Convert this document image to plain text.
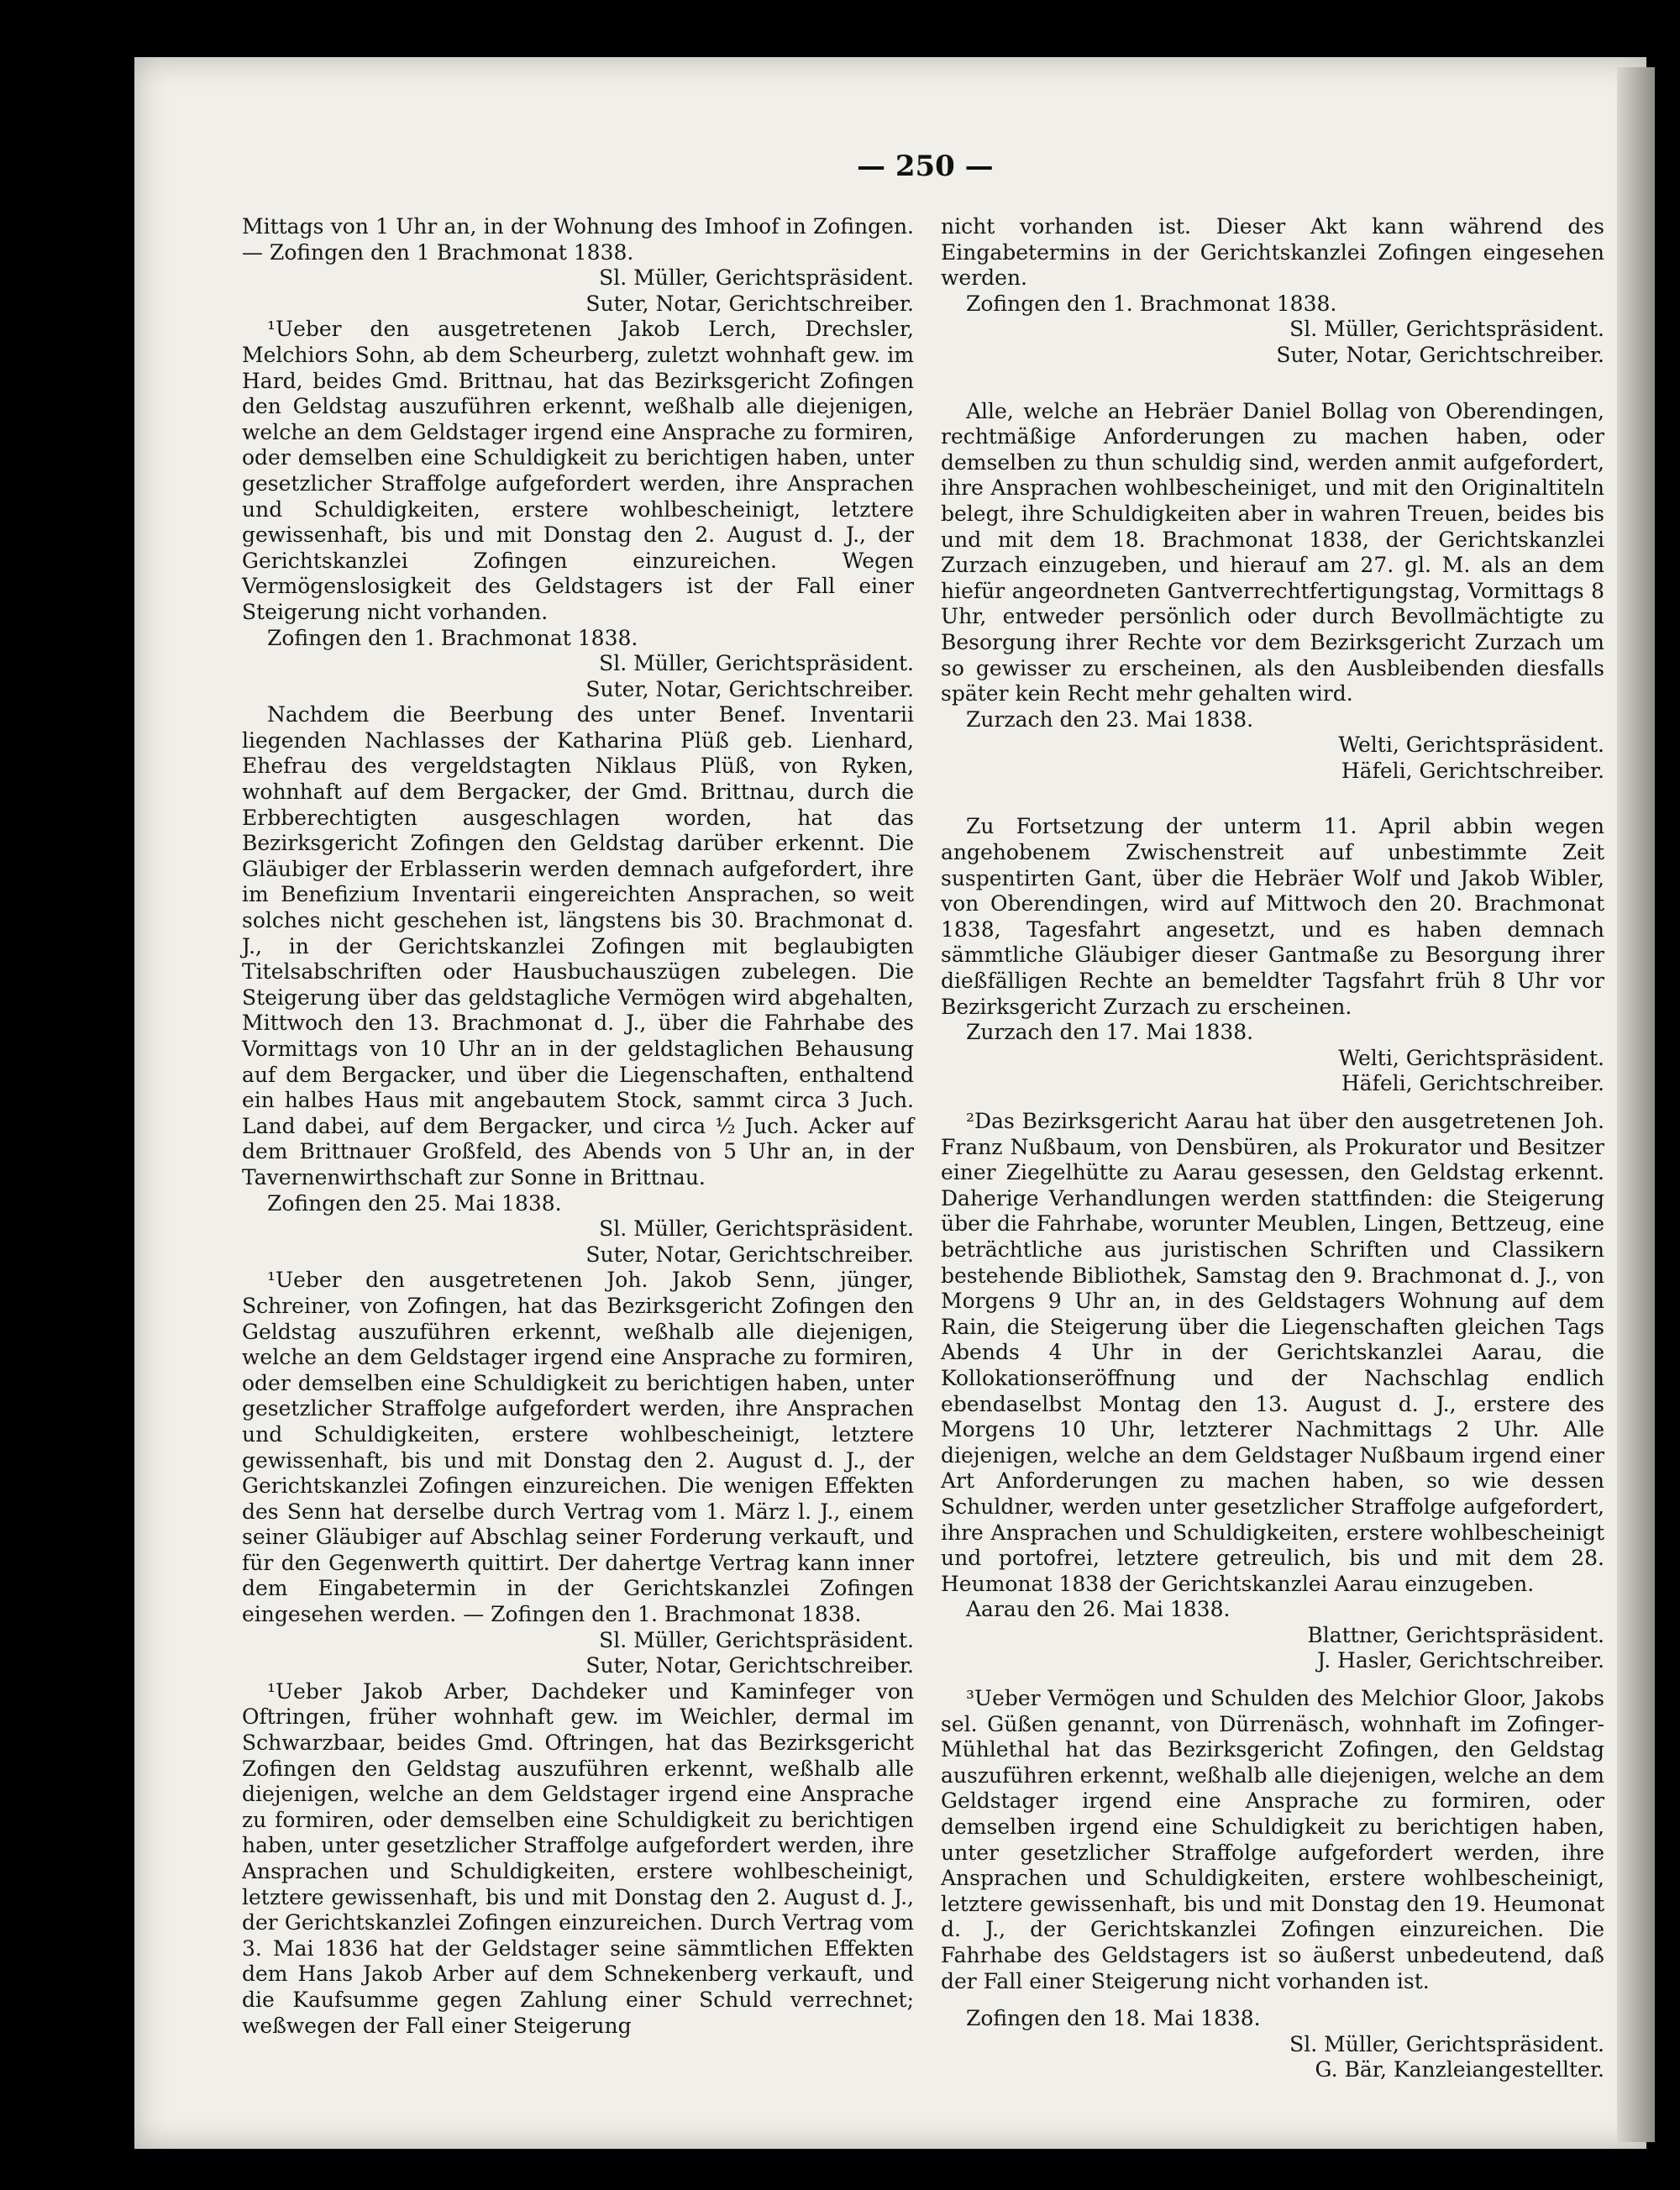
— 250 —

Mittags von 1 Uhr an, in der Wohnung des Imhoof in Zofingen. — Zofingen den 1 Brachmonat 1838.

Sl. Müller, Gerichtspräsident.

Suter, Notar, Gerichtschreiber.

¹Ueber den ausgetretenen Jakob Lerch, Drechsler, Melchiors Sohn, ab dem Scheurberg, zuletzt wohnhaft gew. im Hard, beides Gmd. Brittnau, hat das Bezirksgericht Zofingen den Geldstag auszuführen erkennt, weßhalb alle diejenigen, welche an dem Geldstager irgend eine Ansprache zu formiren, oder demselben eine Schuldigkeit zu berichtigen haben, unter gesetzlicher Straffolge aufgefordert werden, ihre Ansprachen und Schuldigkeiten, erstere wohlbescheinigt, letztere gewissenhaft, bis und mit Donstag den 2. August d. J., der Gerichtskanzlei Zofingen einzureichen. Wegen Vermögenslosigkeit des Geldstagers ist der Fall einer Steigerung nicht vorhanden.

Zofingen den 1. Brachmonat 1838.

Sl. Müller, Gerichtspräsident.

Suter, Notar, Gerichtschreiber.

Nachdem die Beerbung des unter Benef. Inventarii liegenden Nachlasses der Katharina Plüß geb. Lienhard, Ehefrau des vergeldstagten Niklaus Plüß, von Ryken, wohnhaft auf dem Bergacker, der Gmd. Brittnau, durch die Erbberechtigten ausgeschlagen worden, hat das Bezirksgericht Zofingen den Geldstag darüber erkennt. Die Gläubiger der Erblasserin werden demnach aufgefordert, ihre im Benefizium Inventarii eingereichten Ansprachen, so weit solches nicht geschehen ist, längstens bis 30. Brachmonat d. J., in der Gerichtskanzlei Zofingen mit beglaubigten Titelsabschriften oder Hausbuchauszügen zubelegen. Die Steigerung über das geldstagliche Vermögen wird abgehalten, Mittwoch den 13. Brachmonat d. J., über die Fahrhabe des Vormittags von 10 Uhr an in der geldstaglichen Behausung auf dem Bergacker, und über die Liegenschaften, enthaltend ein halbes Haus mit angebautem Stock, sammt circa 3 Juch. Land dabei, auf dem Bergacker, und circa ½ Juch. Acker auf dem Brittnauer Großfeld, des Abends von 5 Uhr an, in der Tavernenwirthschaft zur Sonne in Brittnau.

Zofingen den 25. Mai 1838.

Sl. Müller, Gerichtspräsident.

Suter, Notar, Gerichtschreiber.

¹Ueber den ausgetretenen Joh. Jakob Senn, jünger, Schreiner, von Zofingen, hat das Bezirksgericht Zofingen den Geldstag auszuführen erkennt, weßhalb alle diejenigen, welche an dem Geldstager irgend eine Ansprache zu formiren, oder demselben eine Schuldigkeit zu berichtigen haben, unter gesetzlicher Straffolge aufgefordert werden, ihre Ansprachen und Schuldigkeiten, erstere wohlbescheinigt, letztere gewissenhaft, bis und mit Donstag den 2. August d. J., der Gerichtskanzlei Zofingen einzureichen. Die wenigen Effekten des Senn hat derselbe durch Vertrag vom 1. März l. J., einem seiner Gläubiger auf Abschlag seiner Forderung verkauft, und für den Gegenwerth quittirt. Der dahertge Vertrag kann inner dem Eingabetermin in der Gerichtskanzlei Zofingen eingesehen werden. — Zofingen den 1. Brachmonat 1838.

Sl. Müller, Gerichtspräsident.

Suter, Notar, Gerichtschreiber.

¹Ueber Jakob Arber, Dachdeker und Kaminfeger von Oftringen, früher wohnhaft gew. im Weichler, dermal im Schwarzbaar, beides Gmd. Oftringen, hat das Bezirksgericht Zofingen den Geldstag auszuführen erkennt, weßhalb alle diejenigen, welche an dem Geldstager irgend eine Ansprache zu formiren, oder demselben eine Schuldigkeit zu berichtigen haben, unter gesetzlicher Straffolge aufgefordert werden, ihre Ansprachen und Schuldigkeiten, erstere wohlbescheinigt, letztere gewissenhaft, bis und mit Donstag den 2. August d. J., der Gerichtskanzlei Zofingen einzureichen. Durch Vertrag vom 3. Mai 1836 hat der Geldstager seine sämmtlichen Effekten dem Hans Jakob Arber auf dem Schnekenberg verkauft, und die Kaufsumme gegen Zahlung einer Schuld verrechnet; weßwegen der Fall einer Steigerung

nicht vorhanden ist. Dieser Akt kann während des Eingabetermins in der Gerichtskanzlei Zofingen eingesehen werden.

Zofingen den 1. Brachmonat 1838.

Sl. Müller, Gerichtspräsident.

Suter, Notar, Gerichtschreiber.

Alle, welche an Hebräer Daniel Bollag von Oberendingen, rechtmäßige Anforderungen zu machen haben, oder demselben zu thun schuldig sind, werden anmit aufgefordert, ihre Ansprachen wohlbescheiniget, und mit den Originaltiteln belegt, ihre Schuldigkeiten aber in wahren Treuen, beides bis und mit dem 18. Brachmonat 1838, der Gerichtskanzlei Zurzach einzugeben, und hierauf am 27. gl. M. als an dem hiefür angeordneten Gantverrechtfertigungstag, Vormittags 8 Uhr, entweder persönlich oder durch Bevollmächtigte zu Besorgung ihrer Rechte vor dem Bezirksgericht Zurzach um so gewisser zu erscheinen, als den Ausbleibenden diesfalls später kein Recht mehr gehalten wird.

Zurzach den 23. Mai 1838.

Welti, Gerichtspräsident.

Häfeli, Gerichtschreiber.

Zu Fortsetzung der unterm 11. April abbin wegen angehobenem Zwischenstreit auf unbestimmte Zeit suspentirten Gant, über die Hebräer Wolf und Jakob Wibler, von Oberendingen, wird auf Mittwoch den 20. Brachmonat 1838, Tagesfahrt angesetzt, und es haben demnach sämmtliche Gläubiger dieser Gantmaße zu Besorgung ihrer dießfälligen Rechte an bemeldter Tagsfahrt früh 8 Uhr vor Bezirksgericht Zurzach zu erscheinen.

Zurzach den 17. Mai 1838.

Welti, Gerichtspräsident.

Häfeli, Gerichtschreiber.

²Das Bezirksgericht Aarau hat über den ausgetretenen Joh. Franz Nußbaum, von Densbüren, als Prokurator und Besitzer einer Ziegelhütte zu Aarau gesessen, den Geldstag erkennt. Daherige Verhandlungen werden stattfinden: die Steigerung über die Fahrhabe, worunter Meublen, Lingen, Bettzeug, eine beträchtliche aus juristischen Schriften und Classikern bestehende Bibliothek, Samstag den 9. Brachmonat d. J., von Morgens 9 Uhr an, in des Geldstagers Wohnung auf dem Rain, die Steigerung über die Liegenschaften gleichen Tags Abends 4 Uhr in der Gerichtskanzlei Aarau, die Kollokationseröffnung und der Nachschlag endlich ebendaselbst Montag den 13. August d. J., erstere des Morgens 10 Uhr, letzterer Nachmittags 2 Uhr. Alle diejenigen, welche an dem Geldstager Nußbaum irgend einer Art Anforderungen zu machen haben, so wie dessen Schuldner, werden unter gesetzlicher Straffolge aufgefordert, ihre Ansprachen und Schuldigkeiten, erstere wohlbescheinigt und portofrei, letztere getreulich, bis und mit dem 28. Heumonat 1838 der Gerichtskanzlei Aarau einzugeben.

Aarau den 26. Mai 1838.

Blattner, Gerichtspräsident.

J. Hasler, Gerichtschreiber.

³Ueber Vermögen und Schulden des Melchior Gloor, Jakobs sel. Güßen genannt, von Dürrenäsch, wohnhaft im Zofinger-Mühlethal hat das Bezirksgericht Zofingen, den Geldstag auszuführen erkennt, weßhalb alle diejenigen, welche an dem Geldstager irgend eine Ansprache zu formiren, oder demselben irgend eine Schuldigkeit zu berichtigen haben, unter gesetzlicher Straffolge aufgefordert werden, ihre Ansprachen und Schuldigkeiten, erstere wohlbescheinigt, letztere gewissenhaft, bis und mit Donstag den 19. Heumonat d. J., der Gerichtskanzlei Zofingen einzureichen. Die Fahrhabe des Geldstagers ist so äußerst unbedeutend, daß der Fall einer Steigerung nicht vorhanden ist.

Zofingen den 18. Mai 1838.

Sl. Müller, Gerichtspräsident.

G. Bär, Kanzleiangestellter.
